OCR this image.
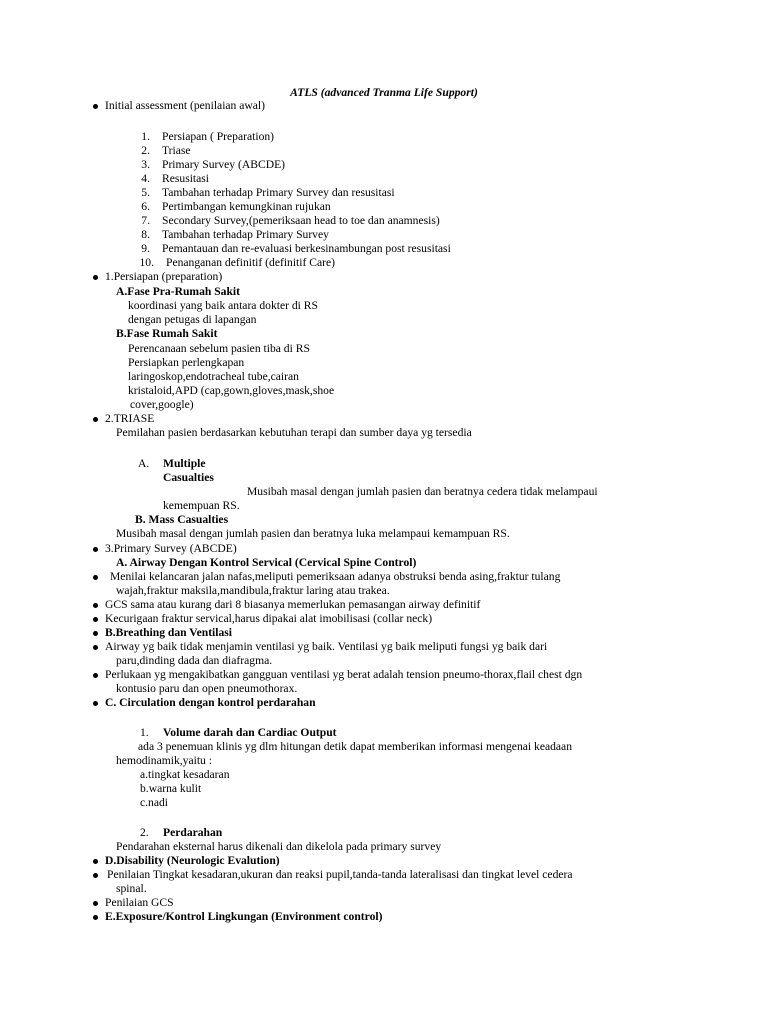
ATLS (advanced Tranma Life Support)
Initial assessment (penilaian awal)
1. Persiapan ( Preparation)
2. Triase
3. Primary Survey (ABCDE)
4. Resusitasi
5. Tambahan terhadap Primary Survey dan resusitasi
6. Pertimbangan kemungkinan rujukan
7. Secondary Survey,(pemeriksaan head to toe dan anamnesis)
8. Tambahan terhadap Primary Survey
9. Pemantauan dan re-evaluasi berkesinambungan post resusitasi
10. Penanganan definitif (definitif Care)
1.Persiapan (preparation)
A.Fase Pra-Rumah Sakit
koordinasi yang baik antara dokter di RS
dengan petugas di lapangan
B.Fase Rumah Sakit
Perencanaan sebelum pasien tiba di RS
Persiapkan perlengkapan
laringoskop,endotracheal tube,cairan
kristaloid,APD (cap,gown,gloves,mask,shoe
cover,google)
2.TRIASE
Pemilahan pasien berdasarkan kebutuhan terapi dan sumber daya yg tersedia
A. Multiple
Casualties
Musibah masal dengan jumlah pasien dan beratnya cedera tidak melampaui
kemempuan RS.
B. Mass Casualties
Musibah masal dengan jumlah pasien dan beratnya luka melampaui kemampuan RS.
3.Primary Survey (ABCDE)
A. Airway Dengan Kontrol Servical (Cervical Spine Control)
Menilai kelancaran jalan nafas,meliputi pemeriksaan adanya obstruksi benda asing,fraktur tulang
wajah,fraktur maksila,mandibula,fraktur laring atau trakea.
GCS sama atau kurang dari 8 biasanya memerlukan pemasangan airway definitif
Kecurigaan fraktur servical,harus dipakai alat imobilisasi (collar neck)
B.Breathing dan Ventilasi
Airway yg baik tidak menjamin ventilasi yg baik. Ventilasi yg baik meliputi fungsi yg baik dari
paru,dinding dada dan diafragma.
Perlukaan yg mengakibatkan gangguan ventilasi yg berat adalah tension pneumo-thorax,flail chest dgn
kontusio paru dan open pneumothorax.
C. Circulation dengan kontrol perdarahan
1. Volume darah dan Cardiac Output
ada 3 penemuan klinis yg dlm hitungan detik dapat memberikan informasi mengenai keadaan
hemodinamik,yaitu :
a.tingkat kesadaran
b.warna kulit
c.nadi
2. Perdarahan
Pendarahan eksternal harus dikenali dan dikelola pada primary survey
D.Disability (Neurologic Evalution)
Penilaian Tingkat kesadaran,ukuran dan reaksi pupil,tanda-tanda lateralisasi dan tingkat level cedera
spinal.
Penilaian GCS
E.Exposure/Kontrol Lingkungan (Environment control)
